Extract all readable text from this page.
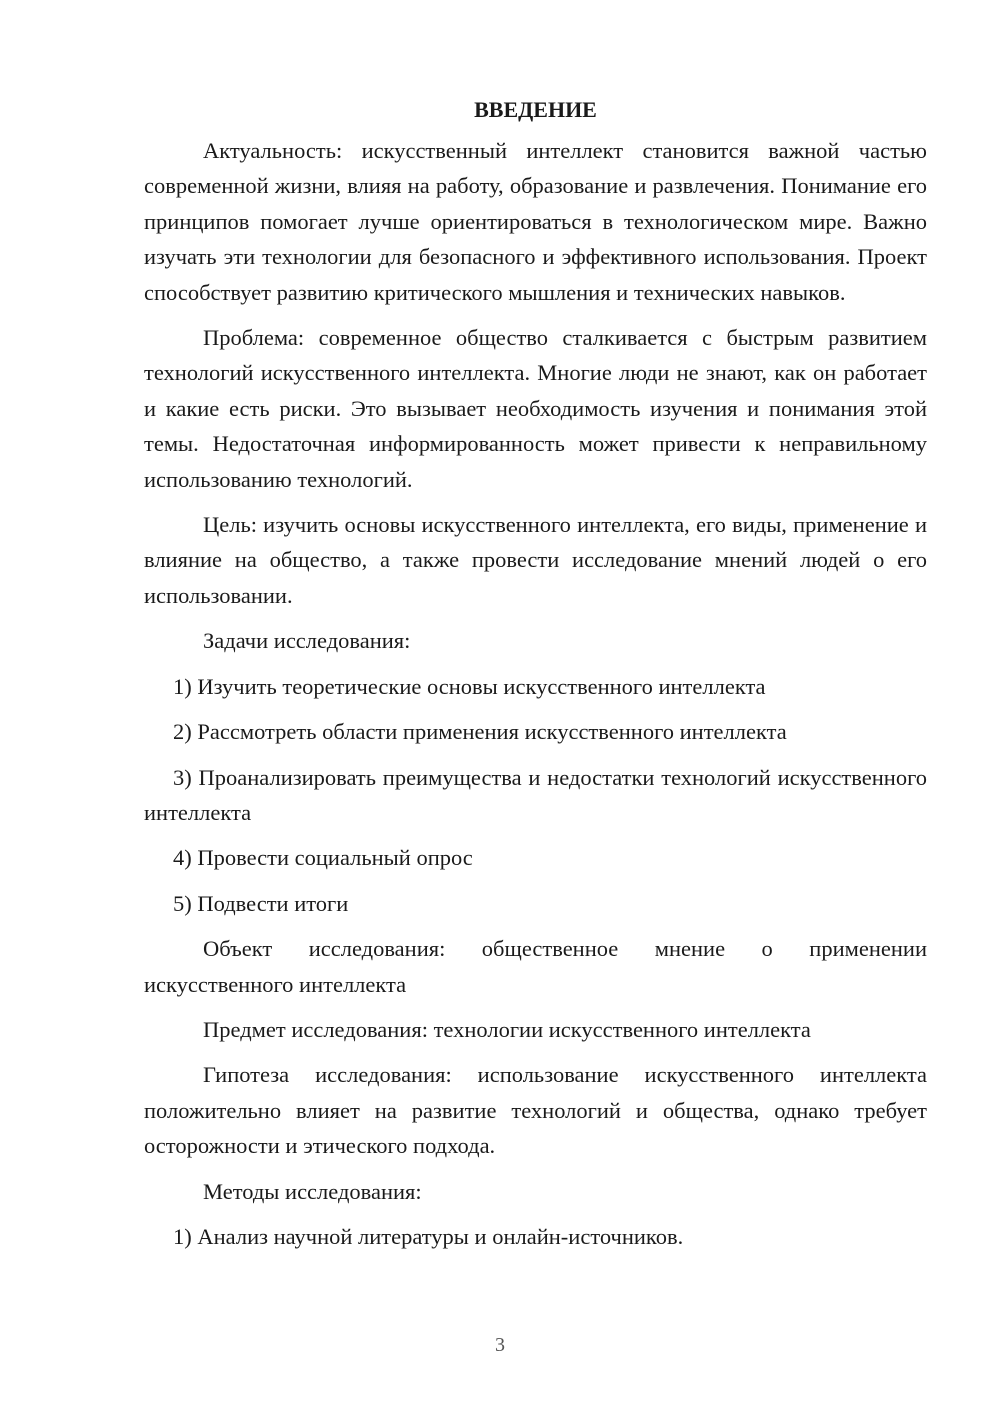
ВВЕДЕНИЕ

Актуальность: искусственный интеллект становится важной частью современной жизни, влияя на работу, образование и развлечения. Понимание его принципов помогает лучше ориентироваться в технологическом мире. Важно изучать эти технологии для безопасного и эффективного использования. Проект способствует развитию критического мышления и технических навыков.

Проблема: современное общество сталкивается с быстрым развитием технологий искусственного интеллекта. Многие люди не знают, как он работает и какие есть риски. Это вызывает необходимость изучения и понимания этой темы. Недостаточная информированность может привести к неправильному использованию технологий.

Цель: изучить основы искусственного интеллекта, его виды, применение и влияние на общество, а также провести исследование мнений людей о его использовании.

Задачи исследования:

1) Изучить теоретические основы искусственного интеллекта

2) Рассмотреть области применения искусственного интеллекта

3) Проанализировать преимущества и недостатки технологий искусственного интеллекта

4) Провести социальный опрос

5) Подвести итоги

Объект исследования: общественное мнение о применении искусственного интеллекта

Предмет исследования: технологии искусственного интеллекта

Гипотеза исследования: использование искусственного интеллекта положительно влияет на развитие технологий и общества, однако требует осторожности и этического подхода.

Методы исследования:

1) Анализ научной литературы и онлайн-источников.

3
